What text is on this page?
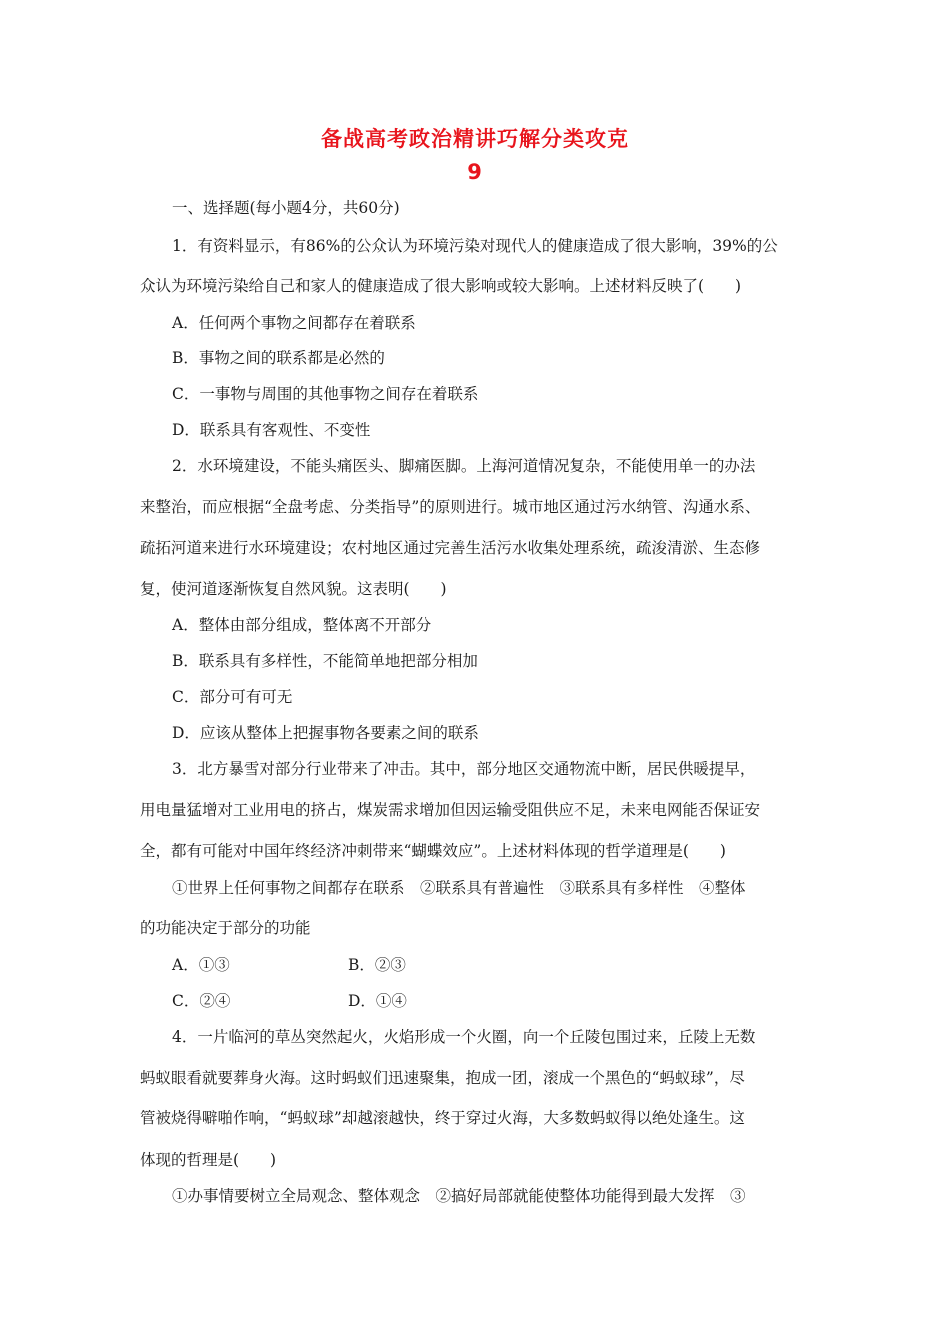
备战高考政治精讲巧解分类攻克
9
一、选择题(每小题4分，共60分)
1．有资料显示，有86%的公众认为环境污染对现代人的健康造成了很大影响，39%的公
众认为环境污染给自己和家人的健康造成了很大影响或较大影响。上述材料反映了(　　)
A．任何两个事物之间都存在着联系
B．事物之间的联系都是必然的
C．一事物与周围的其他事物之间存在着联系
D．联系具有客观性、不变性
2．水环境建设，不能头痛医头、脚痛医脚。上海河道情况复杂，不能使用单一的办法
来整治，而应根据“全盘考虑、分类指导”的原则进行。城市地区通过污水纳管、沟通水系、
疏拓河道来进行水环境建设；农村地区通过完善生活污水收集处理系统，疏浚清淤、生态修
复，使河道逐渐恢复自然风貌。这表明(　　)
A．整体由部分组成，整体离不开部分
B．联系具有多样性，不能简单地把部分相加
C．部分可有可无
D．应该从整体上把握事物各要素之间的联系
3．北方暴雪对部分行业带来了冲击。其中，部分地区交通物流中断，居民供暖提早，
用电量猛增对工业用电的挤占，煤炭需求增加但因运输受阻供应不足，未来电网能否保证安
全，都有可能对中国年终经济冲刺带来“蝴蝶效应”。上述材料体现的哲学道理是(　　)
①世界上任何事物之间都存在联系　②联系具有普遍性　③联系具有多样性　④整体
的功能决定于部分的功能
A．①③	B．②③
C．②④	D．①④
4．一片临河的草丛突然起火，火焰形成一个火圈，向一个丘陵包围过来，丘陵上无数
蚂蚁眼看就要葬身火海。这时蚂蚁们迅速聚集，抱成一团，滚成一个黑色的“蚂蚁球”，尽
管被烧得噼啪作响，“蚂蚁球”却越滚越快，终于穿过火海，大多数蚂蚁得以绝处逢生。这
体现的哲理是(　　)
①办事情要树立全局观念、整体观念　②搞好局部就能使整体功能得到最大发挥　③
